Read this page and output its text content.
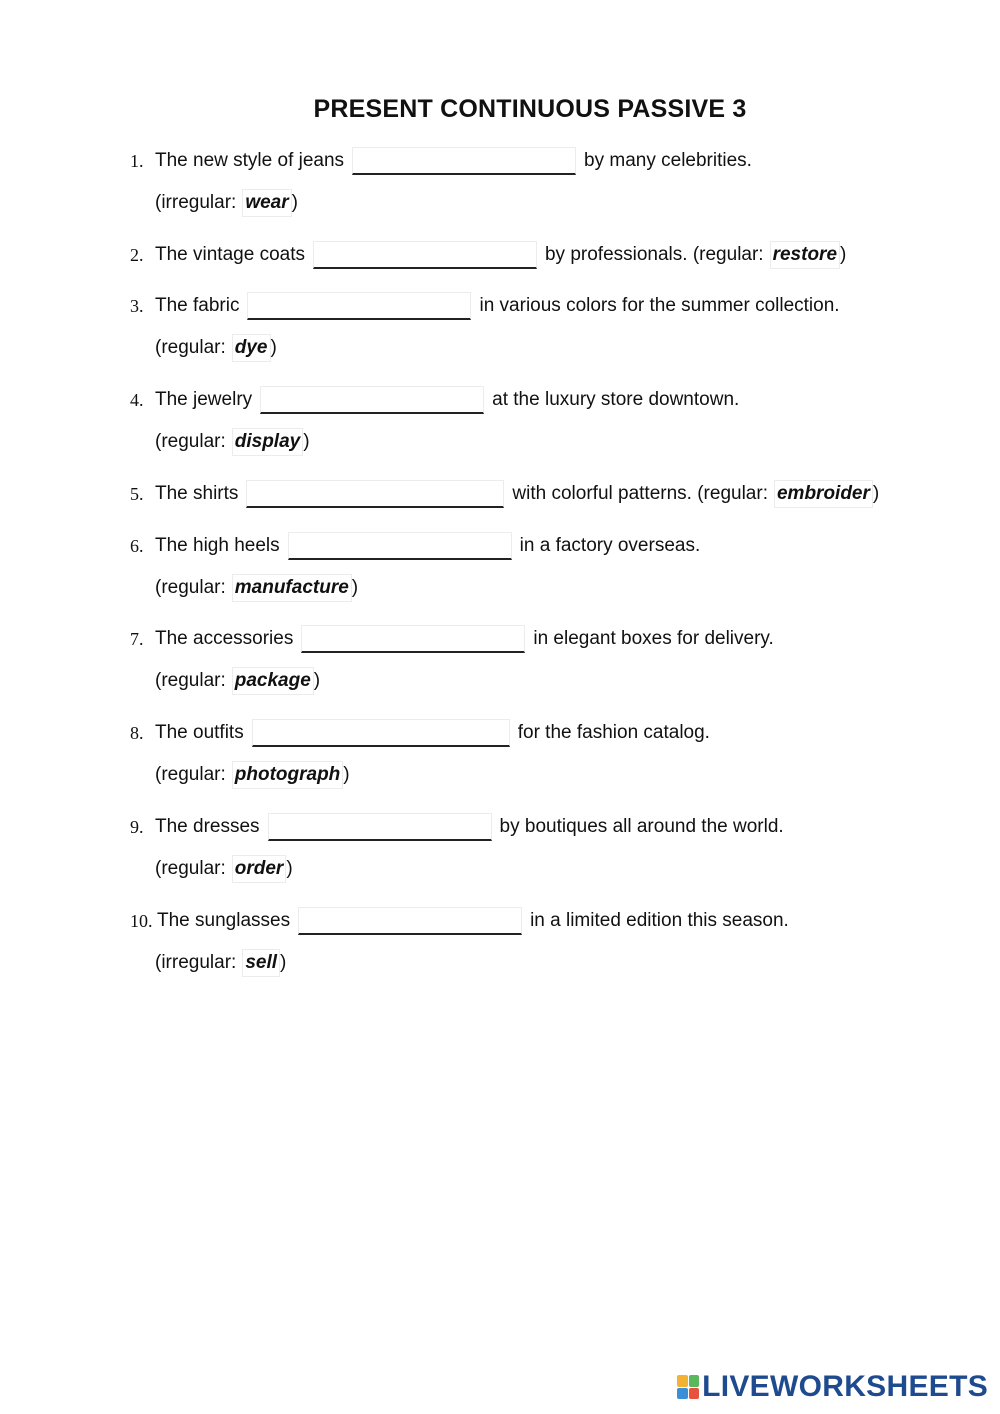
PRESENT CONTINUOUS PASSIVE 3
1. The new style of jeans	by many celebrities.
(irregular: wear )
2. The vintage coats	by professionals. (regular: restore )
3. The fabric	in various colors for the summer collection.
(regular: dye )
4. The jewelry	at the luxury store downtown.
(regular: display )
5. The shirts	with colorful patterns. (regular: embroider )
6. The high heels	in a factory overseas.
(regular: manufacture )
7. The accessories	in elegant boxes for delivery.
(regular: package )
8. The outfits	for the fashion catalog.
(regular: photograph )
9. The dresses	by boutiques all around the world.
(regular: order )
10. The sunglasses	in a limited edition this season.
(irregular: sell )
LIVEWORKSHEETS
